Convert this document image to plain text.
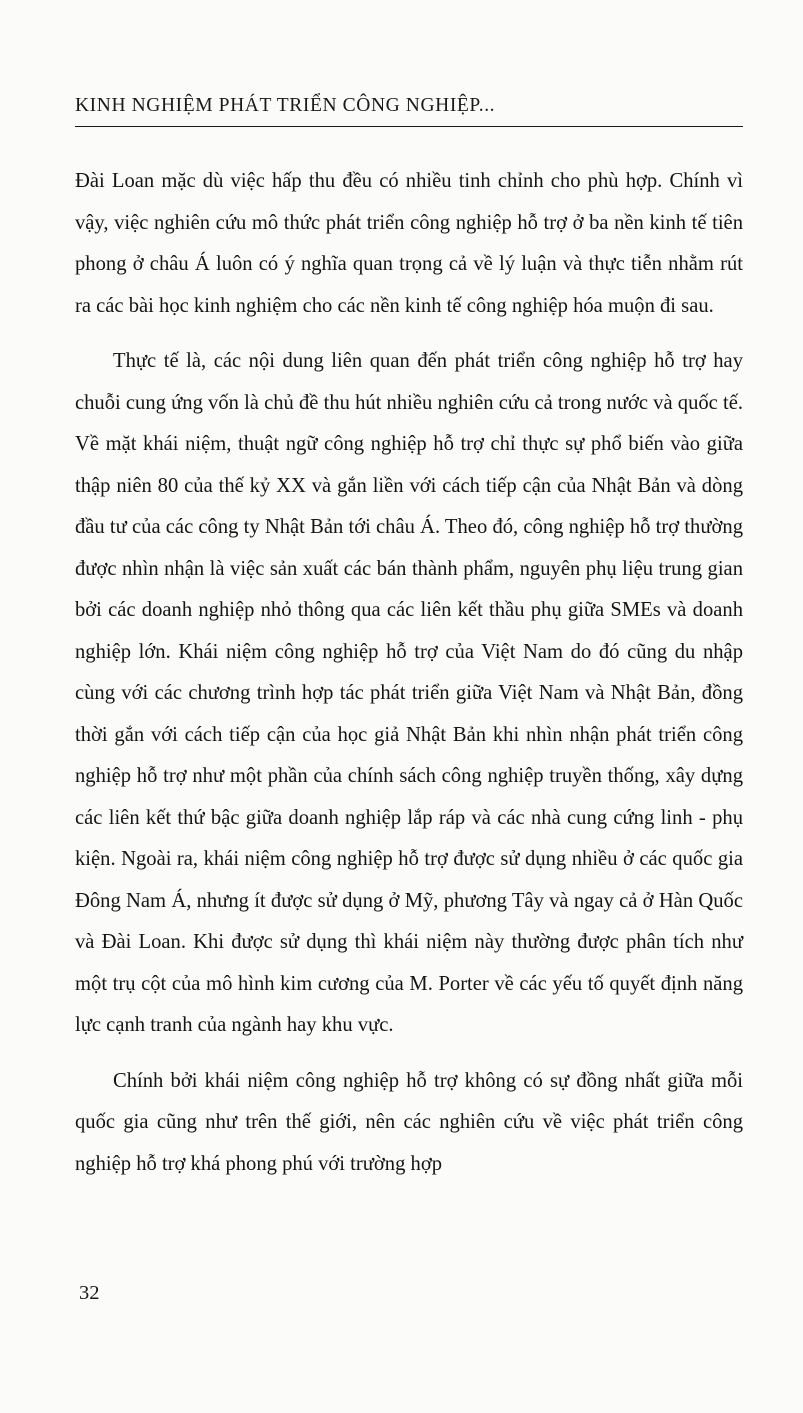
KINH NGHIỆM PHÁT TRIỂN CÔNG NGHIỆP...

Đài Loan mặc dù việc hấp thu đều có nhiều tinh chỉnh cho phù hợp. Chính vì vậy, việc nghiên cứu mô thức phát triển công nghiệp hỗ trợ ở ba nền kinh tế tiên phong ở châu Á luôn có ý nghĩa quan trọng cả về lý luận và thực tiễn nhằm rút ra các bài học kinh nghiệm cho các nền kinh tế công nghiệp hóa muộn đi sau.

Thực tế là, các nội dung liên quan đến phát triển công nghiệp hỗ trợ hay chuỗi cung ứng vốn là chủ đề thu hút nhiều nghiên cứu cả trong nước và quốc tế. Về mặt khái niệm, thuật ngữ công nghiệp hỗ trợ chỉ thực sự phổ biến vào giữa thập niên 80 của thế kỷ XX và gắn liền với cách tiếp cận của Nhật Bản và dòng đầu tư của các công ty Nhật Bản tới châu Á. Theo đó, công nghiệp hỗ trợ thường được nhìn nhận là việc sản xuất các bán thành phẩm, nguyên phụ liệu trung gian bởi các doanh nghiệp nhỏ thông qua các liên kết thầu phụ giữa SMEs và doanh nghiệp lớn. Khái niệm công nghiệp hỗ trợ của Việt Nam do đó cũng du nhập cùng với các chương trình hợp tác phát triển giữa Việt Nam và Nhật Bản, đồng thời gắn với cách tiếp cận của học giả Nhật Bản khi nhìn nhận phát triển công nghiệp hỗ trợ như một phần của chính sách công nghiệp truyền thống, xây dựng các liên kết thứ bậc giữa doanh nghiệp lắp ráp và các nhà cung cứng linh - phụ kiện. Ngoài ra, khái niệm công nghiệp hỗ trợ được sử dụng nhiều ở các quốc gia Đông Nam Á, nhưng ít được sử dụng ở Mỹ, phương Tây và ngay cả ở Hàn Quốc và Đài Loan. Khi được sử dụng thì khái niệm này thường được phân tích như một trụ cột của mô hình kim cương của M. Porter về các yếu tố quyết định năng lực cạnh tranh của ngành hay khu vực.

Chính bởi khái niệm công nghiệp hỗ trợ không có sự đồng nhất giữa mỗi quốc gia cũng như trên thế giới, nên các nghiên cứu về việc phát triển công nghiệp hỗ trợ khá phong phú với trường hợp

32
